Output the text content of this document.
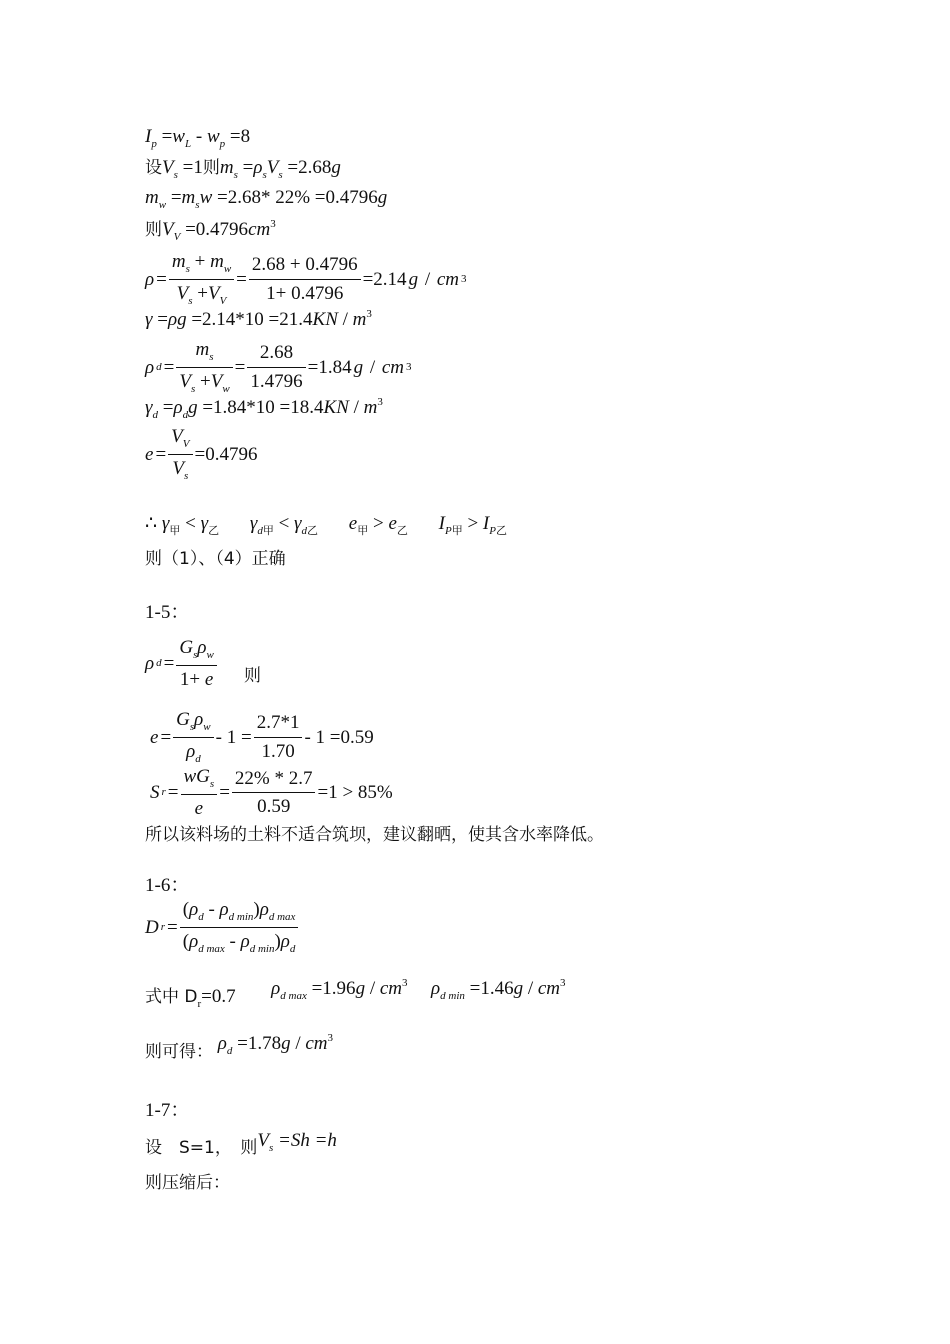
$I_p =w_L - w_p =8$
设$V_s =1$则$m_s =\rho_sV_s =2.68g$
$m_w =m_sw =2.68*$ 22% =0.4796g
则$V_V =0.4796cm^3$
$\rho = \frac{m_s + m_w}{V_s +V_V} = \frac{2.68 + 0.4796}{1+ 0.4796} =2.14$ g / cm 3
$\gamma =\rho g =2.14*10 =21.4KN / m^3$
ρ $d = \frac{m_s}{V_s +V_w} = \frac{2.68}{1.4796} =1.84$ g / cm 3
$\gamma_d =\rho_dg =1.84*10 =18.4KN / m^3$
$e = \frac{V_V}{V_s} =0.4796$
∴ $\gamma_甲 < \gamma_乙$ $\gamma_{d甲} < \gamma_{d乙}$ $e_甲 > e_乙$ $I_{P甲} > I_{P乙}$
则（1）、（4）正确
1-5：
ρ $d = \frac{G_s\rho_w}{1+ e}$ 则
$e = \frac{G_s\rho_w}{\rho_d} - 1 = \frac{2.7*1}{1.70} - 1 =0.59$
S $r = \frac{wG_s}{e} = \frac{22\% * 2.7}{0.59} =1 > 85\%$
所以该料场的土料不适合筑坝，建议翻晒，使其含水率降低。
1-6：
D $r = \frac{(\rho_d - \rho_{d min})\rho_{d max}}{(\rho_{d max} - \rho_{d min})\rho_d}$
式中 $D_r=0.7$ $\rho_{d max} =1.96g / cm^3$ $\rho_{d min} =1.46g / cm^3$
则可得： $\rho_d =1.78g / cm^3$
1-7：
设　S=1，　则$V_s =Sh =h$
则压缩后：
